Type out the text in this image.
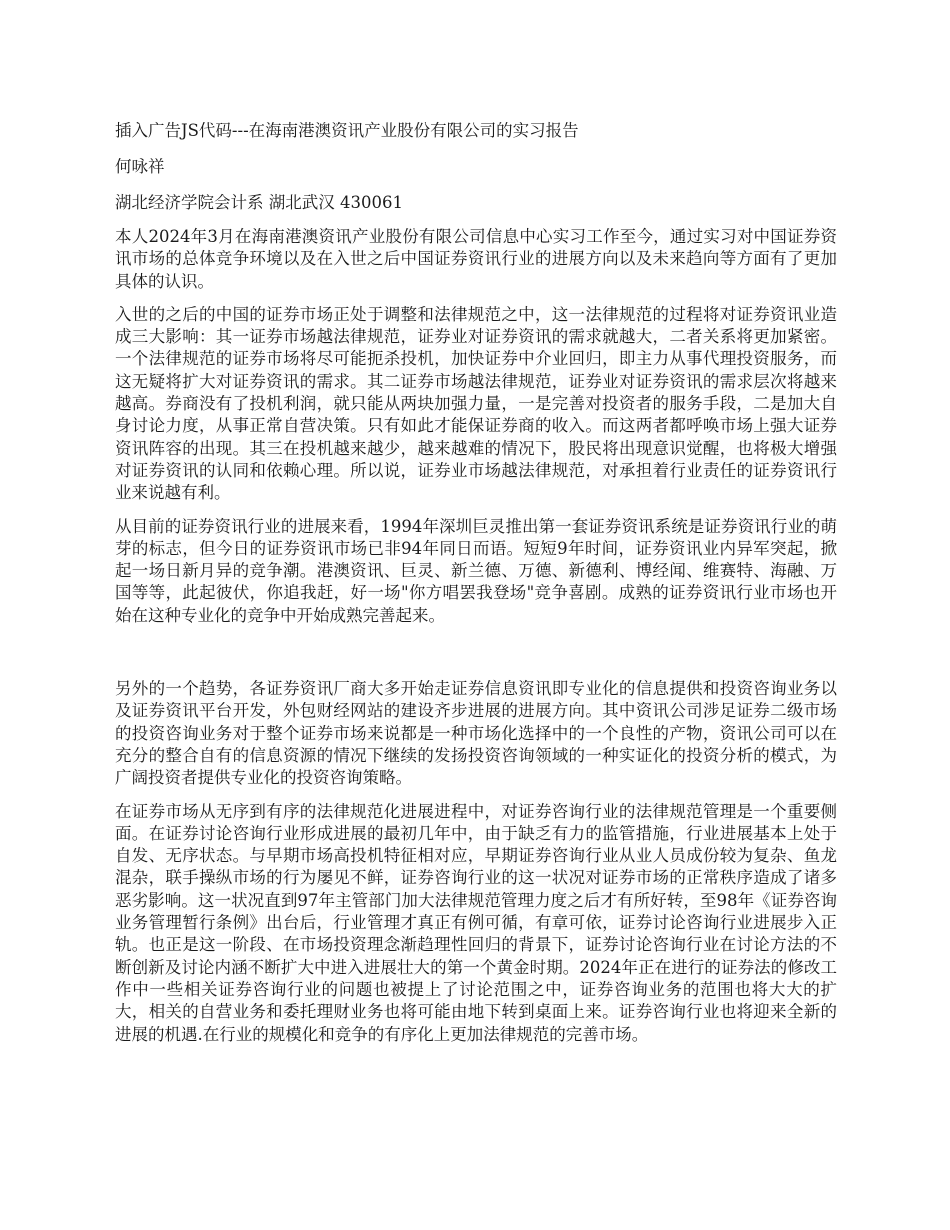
插入广告JS代码---在海南港澳资讯产业股份有限公司的实习报告

何咏祥

湖北经济学院会计系 湖北武汉 430061

本人2024年3月在海南港澳资讯产业股份有限公司信息中心实习工作至今，通过实习对中国证券资讯市场的总体竞争环境以及在入世之后中国证券资讯行业的进展方向以及未来趋向等方面有了更加具体的认识。

入世的之后的中国的证券市场正处于调整和法律规范之中，这一法律规范的过程将对证券资讯业造成三大影响：其一证券市场越法律规范，证券业对证券资讯的需求就越大，二者关系将更加紧密。一个法律规范的证券市场将尽可能扼杀投机，加快证券中介业回归，即主力从事代理投资服务，而这无疑将扩大对证券资讯的需求。其二证券市场越法律规范，证券业对证券资讯的需求层次将越来越高。券商没有了投机利润，就只能从两块加强力量，一是完善对投资者的服务手段，二是加大自身讨论力度，从事正常自营决策。只有如此才能保证券商的收入。而这两者都呼唤市场上强大证券资讯阵容的出现。其三在投机越来越少，越来越难的情况下，股民将出现意识觉醒，也将极大增强对证券资讯的认同和依赖心理。所以说，证券业市场越法律规范，对承担着行业责任的证券资讯行业来说越有利。

从目前的证券资讯行业的进展来看，1994年深圳巨灵推出第一套证券资讯系统是证券资讯行业的萌芽的标志，但今日的证券资讯市场已非94年同日而语。短短9年时间，证券资讯业内异军突起，掀起一场日新月异的竞争潮。港澳资讯、巨灵、新兰德、万德、新德利、博经闻、维赛特、海融、万国等等，此起彼伏，你追我赶，好一场"你方唱罢我登场"竞争喜剧。成熟的证券资讯行业市场也开始在这种专业化的竞争中开始成熟完善起来。

另外的一个趋势，各证券资讯厂商大多开始走证券信息资讯即专业化的信息提供和投资咨询业务以及证券资讯平台开发，外包财经网站的建设齐步进展的进展方向。其中资讯公司涉足证券二级市场的投资咨询业务对于整个证券市场来说都是一种市场化选择中的一个良性的产物，资讯公司可以在充分的整合自有的信息资源的情况下继续的发扬投资咨询领域的一种实证化的投资分析的模式，为广阔投资者提供专业化的投资咨询策略。

在证券市场从无序到有序的法律规范化进展进程中，对证券咨询行业的法律规范管理是一个重要侧面。在证券讨论咨询行业形成进展的最初几年中，由于缺乏有力的监管措施，行业进展基本上处于自发、无序状态。与早期市场高投机特征相对应，早期证券咨询行业从业人员成份较为复杂、鱼龙混杂，联手操纵市场的行为屡见不鲜，证券咨询行业的这一状况对证券市场的正常秩序造成了诸多恶劣影响。这一状况直到97年主管部门加大法律规范管理力度之后才有所好转，至98年《证券咨询业务管理暂行条例》出台后，行业管理才真正有例可循，有章可依，证券讨论咨询行业进展步入正轨。也正是这一阶段、在市场投资理念渐趋理性回归的背景下，证券讨论咨询行业在讨论方法的不断创新及讨论内涵不断扩大中进入进展壮大的第一个黄金时期。2024年正在进行的证券法的修改工作中一些相关证券咨询行业的问题也被提上了讨论范围之中，证券咨询业务的范围也将大大的扩大，相关的自营业务和委托理财业务也将可能由地下转到桌面上来。证券咨询行业也将迎来全新的进展的机遇.在行业的规模化和竞争的有序化上更加法律规范的完善市场。
